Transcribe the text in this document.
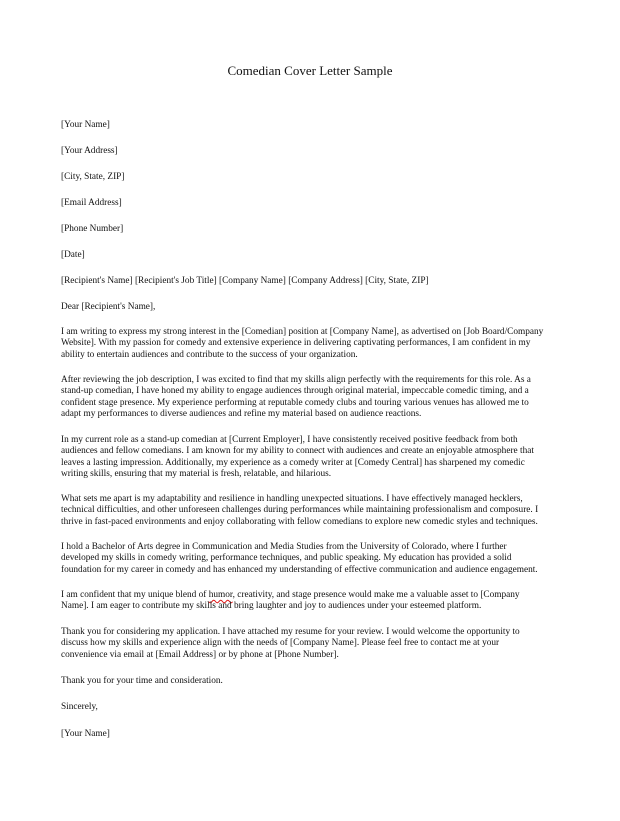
Comedian Cover Letter Sample
[Your Name]
[Your Address]
[City, State, ZIP]
[Email Address]
[Phone Number]
[Date]
[Recipient's Name] [Recipient's Job Title] [Company Name] [Company Address] [City, State, ZIP]
Dear [Recipient's Name],
I am writing to express my strong interest in the [Comedian] position at [Company Name], as advertised on [Job Board/Company
Website]. With my passion for comedy and extensive experience in delivering captivating performances, I am confident in my
ability to entertain audiences and contribute to the success of your organization.
After reviewing the job description, I was excited to find that my skills align perfectly with the requirements for this role. As a
stand-up comedian, I have honed my ability to engage audiences through original material, impeccable comedic timing, and a
confident stage presence. My experience performing at reputable comedy clubs and touring various venues has allowed me to
adapt my performances to diverse audiences and refine my material based on audience reactions.
In my current role as a stand-up comedian at [Current Employer], I have consistently received positive feedback from both
audiences and fellow comedians. I am known for my ability to connect with audiences and create an enjoyable atmosphere that
leaves a lasting impression. Additionally, my experience as a comedy writer at [Comedy Central] has sharpened my comedic
writing skills, ensuring that my material is fresh, relatable, and hilarious.
What sets me apart is my adaptability and resilience in handling unexpected situations. I have effectively managed hecklers,
technical difficulties, and other unforeseen challenges during performances while maintaining professionalism and composure. I
thrive in fast-paced environments and enjoy collaborating with fellow comedians to explore new comedic styles and techniques.
I hold a Bachelor of Arts degree in Communication and Media Studies from the University of Colorado, where I further
developed my skills in comedy writing, performance techniques, and public speaking. My education has provided a solid
foundation for my career in comedy and has enhanced my understanding of effective communication and audience engagement.
I am confident that my unique blend of humor, creativity, and stage presence would make me a valuable asset to [Company
Name]. I am eager to contribute my skills and bring laughter and joy to audiences under your esteemed platform.
Thank you for considering my application. I have attached my resume for your review. I would welcome the opportunity to
discuss how my skills and experience align with the needs of [Company Name]. Please feel free to contact me at your
convenience via email at [Email Address] or by phone at [Phone Number].
Thank you for your time and consideration.
Sincerely,
[Your Name]
